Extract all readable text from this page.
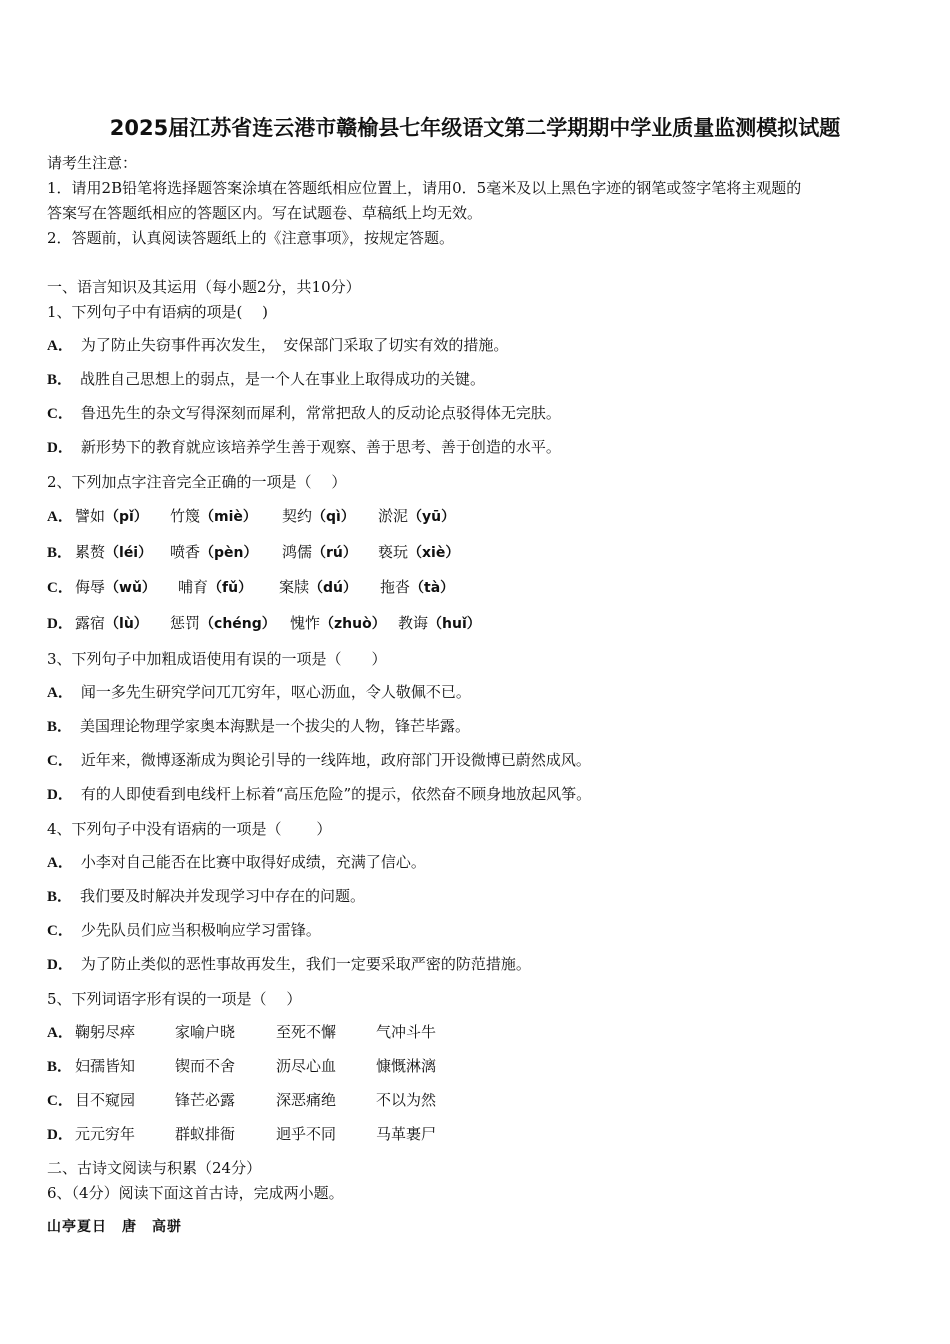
2025届江苏省连云港市赣榆县七年级语文第二学期期中学业质量监测模拟试题
请考生注意：
1．请用2B铅笔将选择题答案涂填在答题纸相应位置上，请用0．5毫米及以上黑色字迹的钢笔或签字笔将主观题的
答案写在答题纸相应的答题区内。写在试题卷、草稿纸上均无效。
2．答题前，认真阅读答题纸上的《注意事项》，按规定答题。
一、语言知识及其运用（每小题2分，共10分）
1、下列句子中有语病的项是(　 )
A． 为了防止失窃事件再次发生，　安保部门采取了切实有效的措施。
B． 战胜自己思想上的弱点，是一个人在事业上取得成功的关键。
C． 鲁迅先生的杂文写得深刻而犀利，常常把敌人的反动论点驳得体无完肤。
D． 新形势下的教育就应该培养学生善于观察、善于思考、善于创造的水平。
2、下列加点字注音完全正确的一项是（　 ）
A． 譬如（pǐ） 竹篾（miè） 契约（qì） 淤泥（yū）
B． 累赘（léi） 喷香（pèn） 鸿儒（rú） 亵玩（xiè）
C． 侮辱（wǔ） 哺育（fǔ） 案牍（dú） 拖沓（tà）
D． 露宿（lù） 惩罚（chéng） 愧怍（zhuò） 教诲（huǐ）
3、下列句子中加粗成语使用有误的一项是（　　）
A． 闻一多先生研究学问兀兀穷年，呕心沥血，令人敬佩不已。
B． 美国理论物理学家奥本海默是一个拔尖的人物，锋芒毕露。
C． 近年来，微博逐渐成为舆论引导的一线阵地，政府部门开设微博已蔚然成风。
D． 有的人即使看到电线杆上标着“高压危险”的提示，依然奋不顾身地放起风筝。
4、下列句子中没有语病的一项是（　　 ）
A． 小李对自己能否在比赛中取得好成绩，充满了信心。
B． 我们要及时解决并发现学习中存在的问题。
C． 少先队员们应当积极响应学习雷锋。
D． 为了防止类似的恶性事故再发生，我们一定要采取严密的防范措施。
5、下列词语字形有误的一项是（　 ）
A． 鞠躬尽瘁	家喻户晓	至死不懈	气冲斗牛
B． 妇孺皆知	锲而不舍	沥尽心血	慷慨淋漓
C． 目不窥园	锋芒必露	深恶痛绝	不以为然
D． 元元穷年	群蚁排衙	迥乎不同	马革裹尸
二、古诗文阅读与积累（24分）
6、（4分）阅读下面这首古诗，完成两小题。
山亭夏日　唐　高骈
